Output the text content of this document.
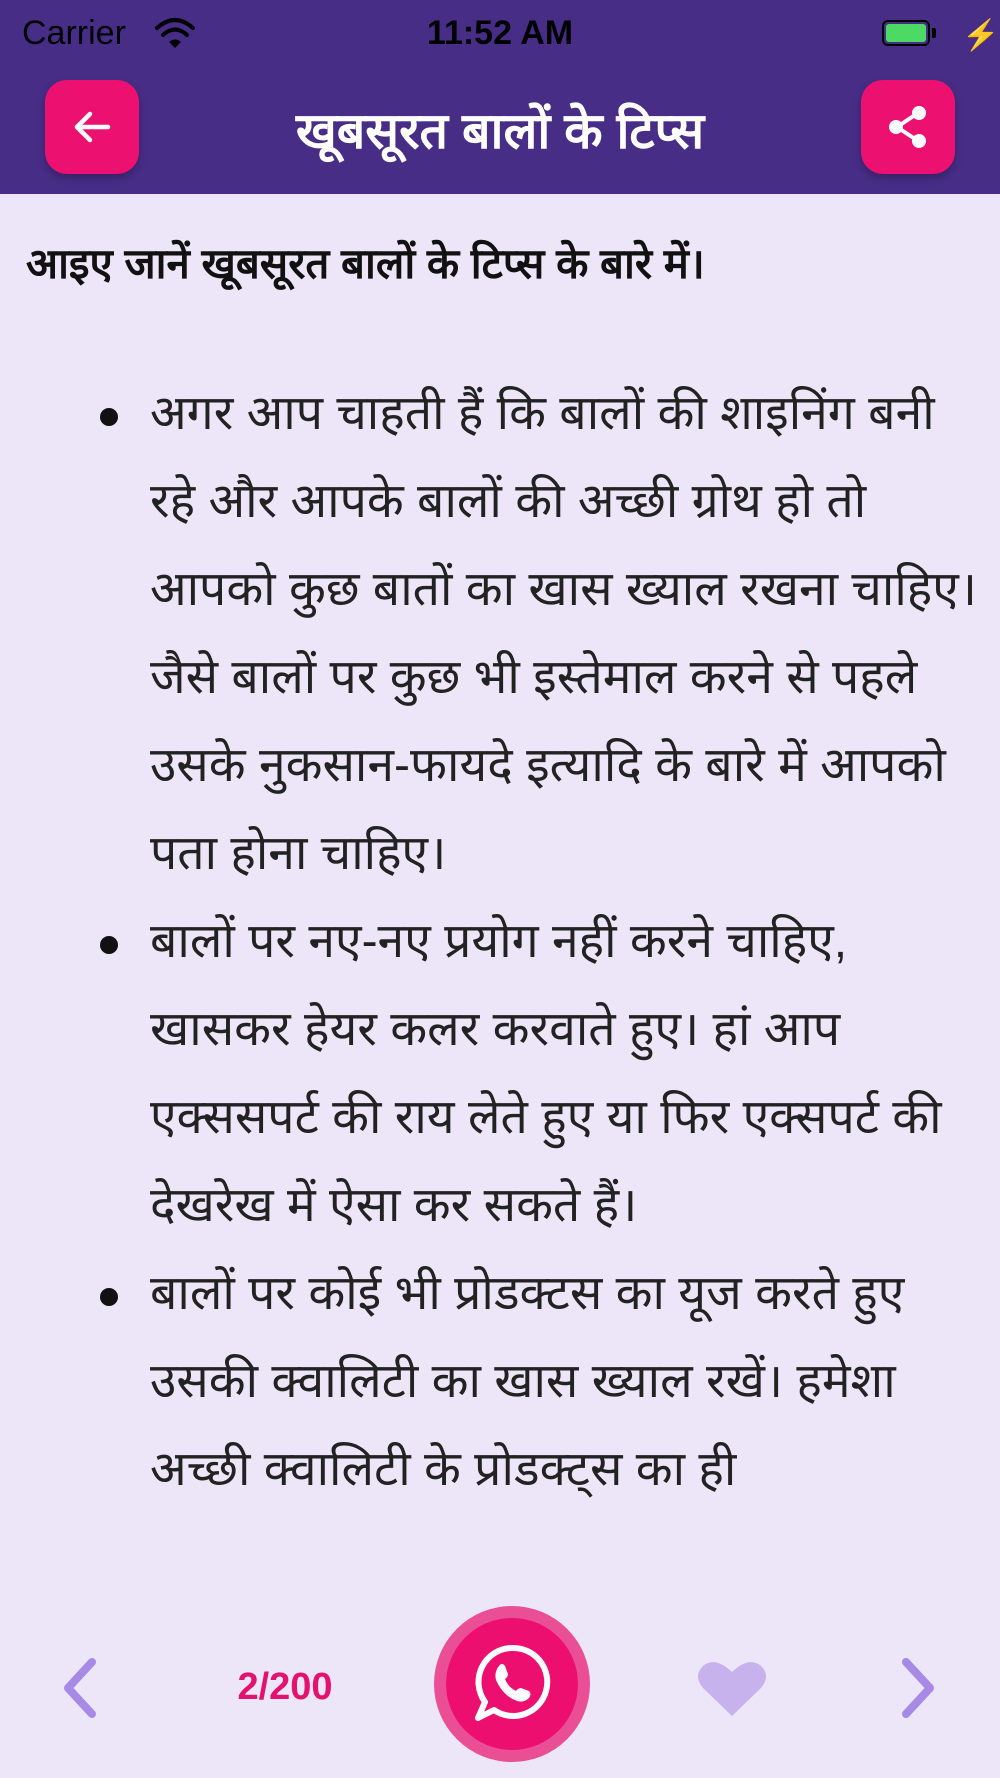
Carrier	11:52 AM	⚡
खूबसूरत बालों के टिप्स
आइए जानें खूबसूरत बालों के टिप्स के बारे में।
अगर आप चाहती हैं कि बालों की शाइनिंग बनी रहे और आपके बालों की अच्छी ग्रोथ हो तो आपको कुछ बातों का खास ख्याल रखना चाहिए। जैसे बालों पर कुछ भी इस्तेमाल करने से पहले उसके नुकसान-फायदे इत्यादि के बारे में आपको पता होना चाहिए।
बालों पर नए-नए प्रयोग नहीं करने चाहिए, खासकर हेयर कलर करवाते हुए। हां आप एक्ससपर्ट की राय लेते हुए या फिर एक्सपर्ट की देखरेख में ऐसा कर सकते हैं।
बालों पर कोई भी प्रोडक्टस का यूज करते हुए उसकी क्वालिटी का खास ख्याल रखें। हमेशा अच्छी क्वालिटी के प्रोडक्ट्स का ही
2/200
